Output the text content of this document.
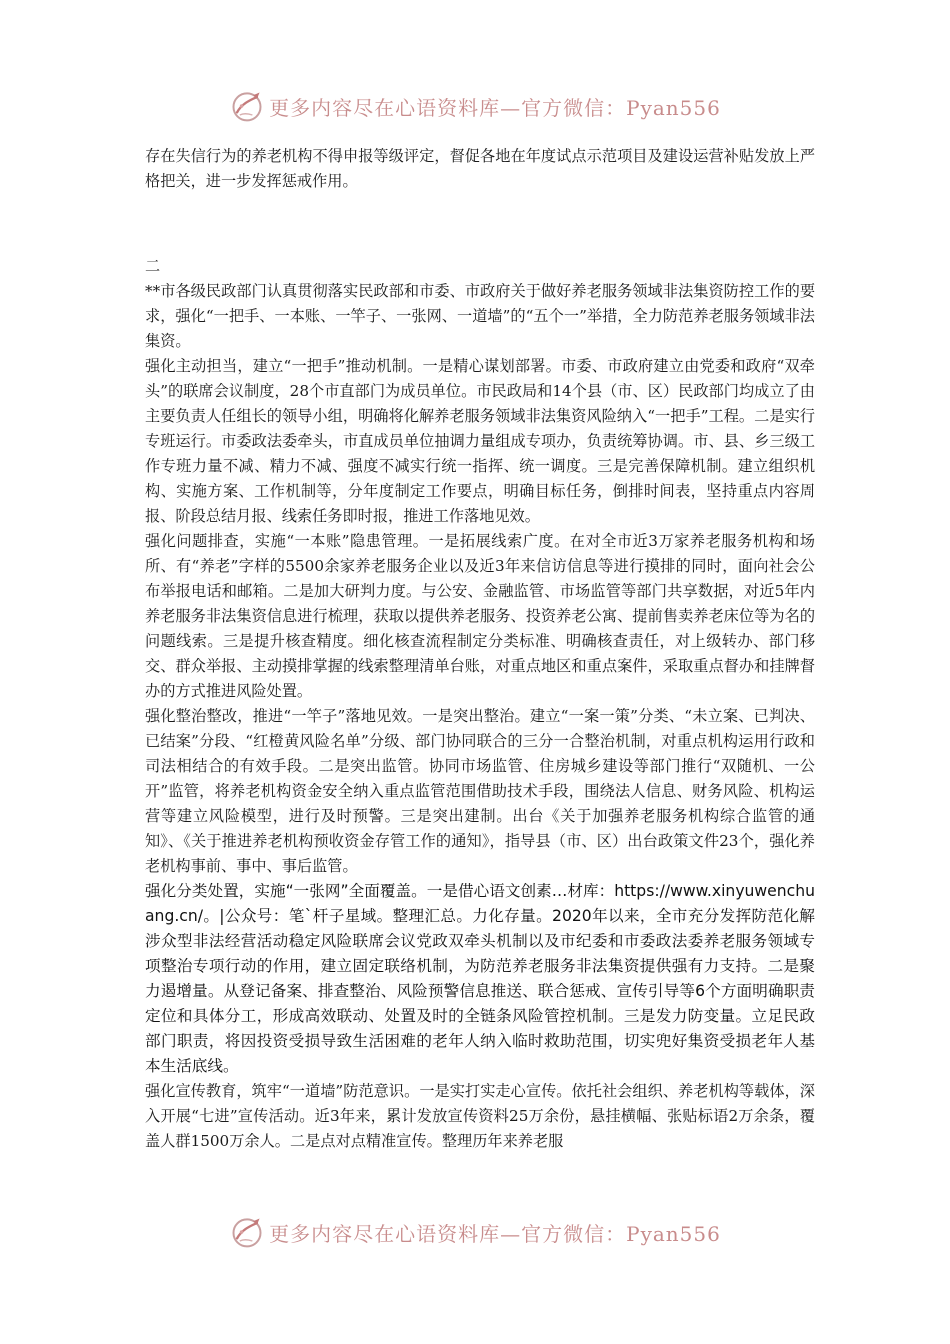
更多内容尽在心语资料库—官方微信：Pyan556

存在失信行为的养老机构不得申报等级评定，督促各地在年度试点示范项目及建设运营补贴发放上严格把关，进一步发挥惩戒作用。

二

**市各级民政部门认真贯彻落实民政部和市委、市政府关于做好养老服务领域非法集资防控工作的要求，强化“一把手、一本账、一竿子、一张网、一道墙”的“五个一”举措，全力防范养老服务领域非法集资。

强化主动担当，建立“一把手”推动机制。一是精心谋划部署。市委、市政府建立由党委和政府“双牵头”的联席会议制度，28个市直部门为成员单位。市民政局和14个县（市、区）民政部门均成立了由主要负责人任组长的领导小组，明确将化解养老服务领域非法集资风险纳入“一把手”工程。二是实行专班运行。市委政法委牵头，市直成员单位抽调力量组成专项办，负责统筹协调。市、县、乡三级工作专班力量不减、精力不减、强度不减实行统一指挥、统一调度。三是完善保障机制。建立组织机构、实施方案、工作机制等，分年度制定工作要点，明确目标任务，倒排时间表，坚持重点内容周报、阶段总结月报、线索任务即时报，推进工作落地见效。

强化问题排查，实施“一本账”隐患管理。一是拓展线索广度。在对全市近3万家养老服务机构和场所、有“养老”字样的5500余家养老服务企业以及近3年来信访信息等进行摸排的同时，面向社会公布举报电话和邮箱。二是加大研判力度。与公安、金融监管、市场监管等部门共享数据，对近5年内养老服务非法集资信息进行梳理，获取以提供养老服务、投资养老公寓、提前售卖养老床位等为名的问题线索。三是提升核查精度。细化核查流程制定分类标准、明确核查责任，对上级转办、部门移交、群众举报、主动摸排掌握的线索整理清单台账，对重点地区和重点案件，采取重点督办和挂牌督办的方式推进风险处置。

强化整治整改，推进“一竿子”落地见效。一是突出整治。建立“一案一策”分类、“未立案、已判决、已结案”分段、“红橙黄风险名单”分级、部门协同联合的三分一合整治机制，对重点机构运用行政和司法相结合的有效手段。二是突出监管。协同市场监管、住房城乡建设等部门推行“双随机、一公开”监管，将养老机构资金安全纳入重点监管范围借助技术手段，围绕法人信息、财务风险、机构运营等建立风险模型，进行及时预警。三是突出建制。出台《关于加强养老服务机构综合监管的通知》、《关于推进养老机构预收资金存管工作的通知》，指导县（市、区）出台政策文件23个，强化养老机构事前、事中、事后监管。

强化分类处置，实施“一张网”全面覆盖。一是借心语文创素…材库：https://www.xinyuwenchuang.cn/。|公众号：笔`杆子星域。整理汇总。力化存量。2020年以来，全市充分发挥防范化解涉众型非法经营活动稳定风险联席会议党政双牵头机制以及市纪委和市委政法委养老服务领域专项整治专项行动的作用，建立固定联络机制，为防范养老服务非法集资提供强有力支持。二是聚力遏增量。从登记备案、排查整治、风险预警信息推送、联合惩戒、宣传引导等6个方面明确职责定位和具体分工，形成高效联动、处置及时的全链条风险管控机制。三是发力防变量。立足民政部门职责，将因投资受损导致生活困难的老年人纳入临时救助范围，切实兜好集资受损老年人基本生活底线。

强化宣传教育，筑牢“一道墙”防范意识。一是实打实走心宣传。依托社会组织、养老机构等载体，深入开展“七进”宣传活动。近3年来，累计发放宣传资料25万余份，悬挂横幅、张贴标语2万余条，覆盖人群1500万余人。二是点对点精准宣传。整理历年来养老服

更多内容尽在心语资料库—官方微信：Pyan556
